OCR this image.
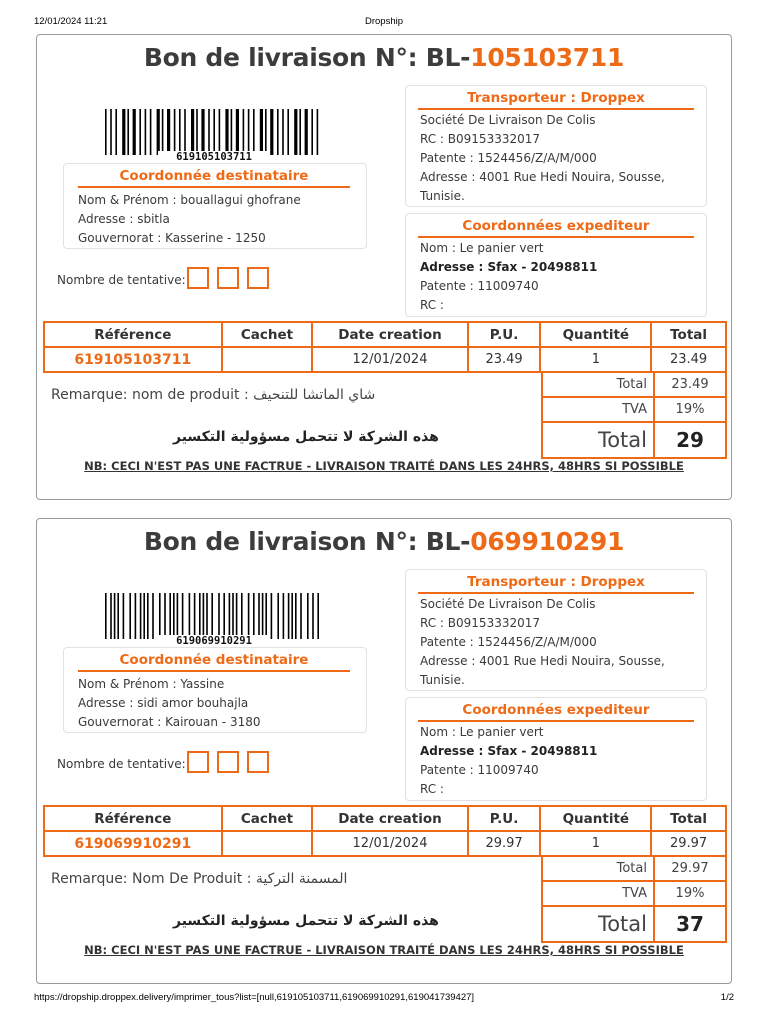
12/01/2024 11:21	Dropship
Bon de livraison N°: BL-105103711
619105103711
Coordonnée destinataire
Nom & Prénom : bouallagui ghofrane
Adresse : sbitla
Gouvernorat : Kasserine - 1250
Transporteur : Droppex
Société De Livraison De Colis
RC : B09153332017
Patente : 1524456/Z/A/M/000
Adresse : 4001 Rue Hedi Nouira, Sousse,
Tunisie.
Coordonnées expediteur
Nom : Le panier vert
Adresse : Sfax - 20498811
Patente : 11009740
RC :
Nombre de tentative:
Référence	Cachet	Date creation	P.U.	Quantité	Total
619105103711		12/01/2024	23.49	1	23.49
Remarque: nom de produit : شاي الماتشا للتنحيف
هذه الشركة لا تتحمل مسؤولية التكسير
Total	23.49
TVA	19%
Total	29
NB: CECI N'EST PAS UNE FACTRUE - LIVRAISON TRAITÉ DANS LES 24HRS, 48HRS SI POSSIBLE
Bon de livraison N°: BL-069910291
619069910291
Coordonnée destinataire
Nom & Prénom : Yassine
Adresse : sidi amor bouhajla
Gouvernorat : Kairouan - 3180
Transporteur : Droppex
Société De Livraison De Colis
RC : B09153332017
Patente : 1524456/Z/A/M/000
Adresse : 4001 Rue Hedi Nouira, Sousse,
Tunisie.
Coordonnées expediteur
Nom : Le panier vert
Adresse : Sfax - 20498811
Patente : 11009740
RC :
Nombre de tentative:
Référence	Cachet	Date creation	P.U.	Quantité	Total
619069910291		12/01/2024	29.97	1	29.97
Remarque: Nom De Produit : المسمنة التركية
هذه الشركة لا تتحمل مسؤولية التكسير
Total	29.97
TVA	19%
Total	37
NB: CECI N'EST PAS UNE FACTRUE - LIVRAISON TRAITÉ DANS LES 24HRS, 48HRS SI POSSIBLE
https://dropship.droppex.delivery/imprimer_tous?list=[null,619105103711,619069910291,619041739427]	1/2
